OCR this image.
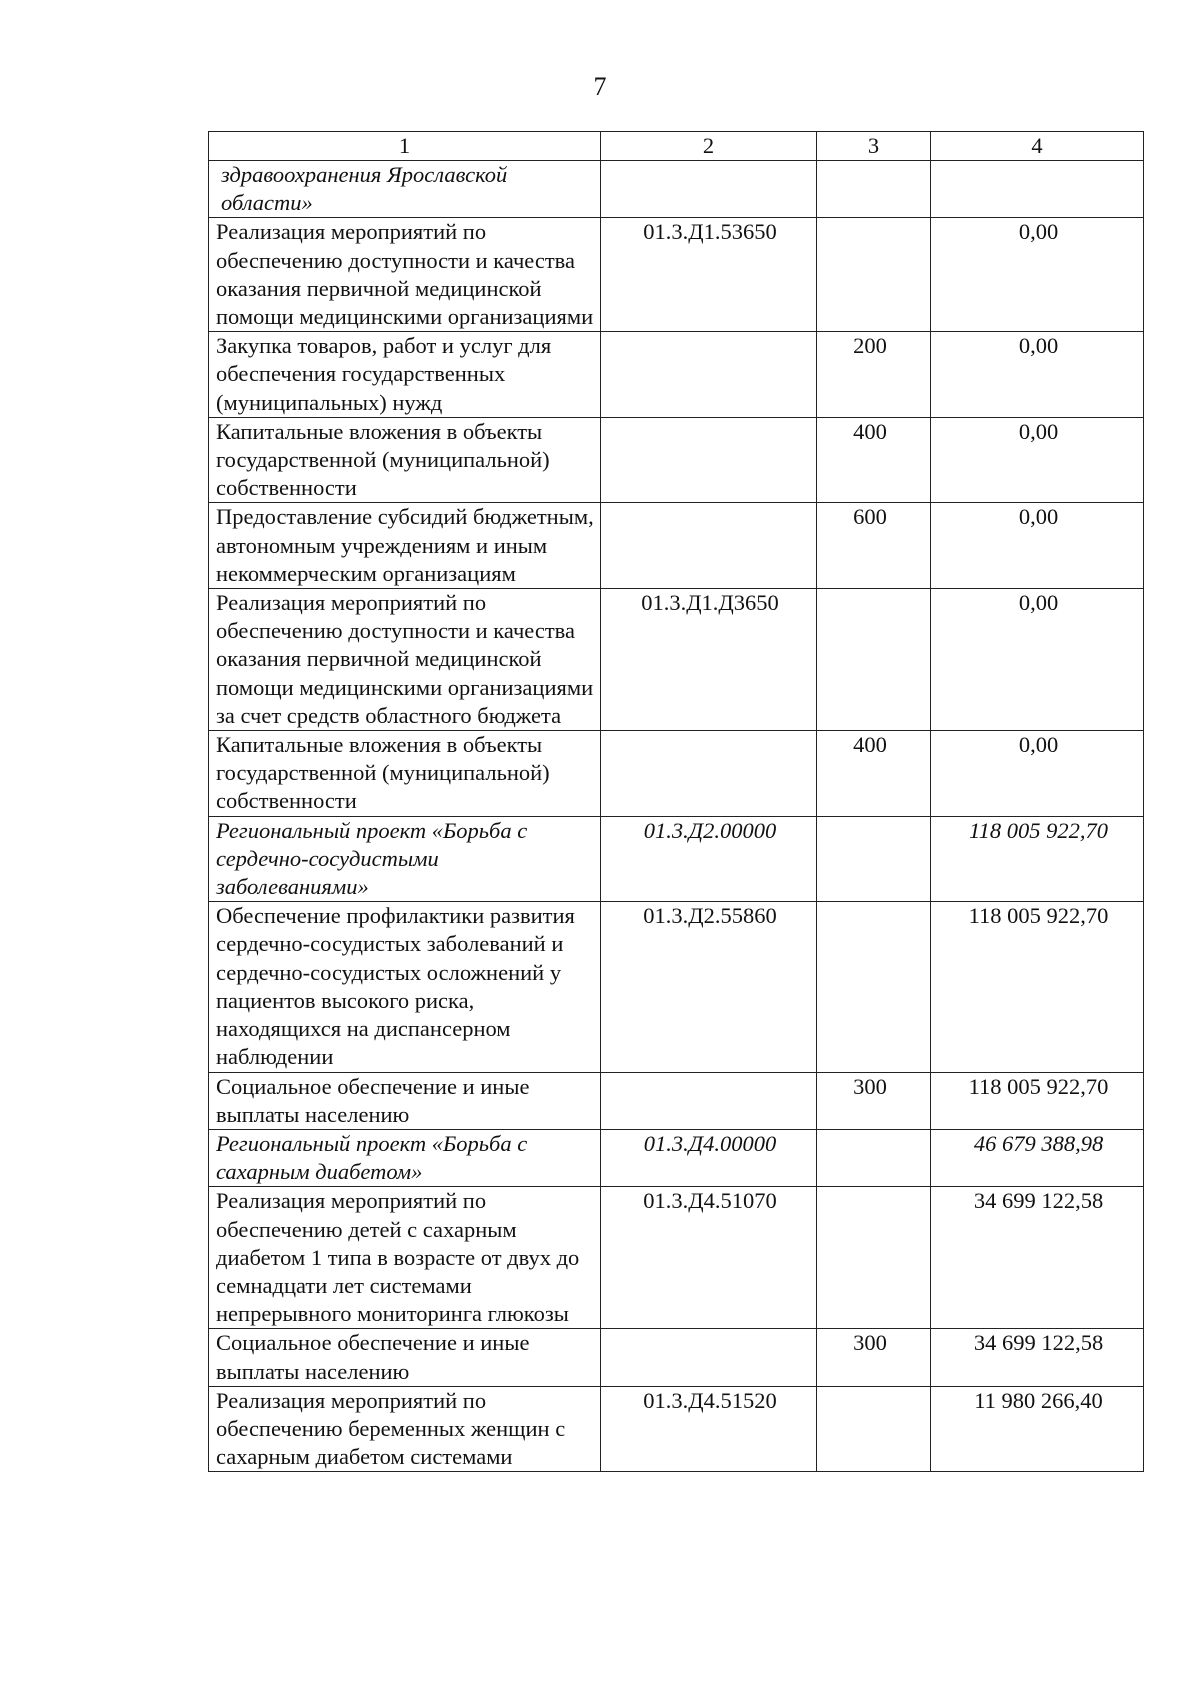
7
1	2	3	4
здравоохранения Ярославской области»			
Реализация мероприятий по обеспечению доступности и качества оказания первичной медицинской помощи медицинскими организациями	01.3.Д1.53650		0,00
Закупка товаров, работ и услуг для обеспечения государственных (муниципальных) нужд		200	0,00
Капитальные вложения в объекты государственной (муниципальной) собственности		400	0,00
Предоставление субсидий бюджетным, автономным учреждениям и иным некоммерческим организациям		600	0,00
Реализация мероприятий по обеспечению доступности и качества оказания первичной медицинской помощи медицинскими организациями за счет средств областного бюджета	01.3.Д1.Д3650		0,00
Капитальные вложения в объекты государственной (муниципальной) собственности		400	0,00
Региональный проект «Борьба с сердечно-сосудистыми заболеваниями»	01.3.Д2.00000		118 005 922,70
Обеспечение профилактики развития сердечно-сосудистых заболеваний и сердечно-сосудистых осложнений у пациентов высокого риска, находящихся на диспансерном наблюдении	01.3.Д2.55860		118 005 922,70
Социальное обеспечение и иные выплаты населению		300	118 005 922,70
Региональный проект «Борьба с сахарным диабетом»	01.3.Д4.00000		46 679 388,98
Реализация мероприятий по обеспечению детей с сахарным диабетом 1 типа в возрасте от двух до семнадцати лет системами непрерывного мониторинга глюкозы	01.3.Д4.51070		34 699 122,58
Социальное обеспечение и иные выплаты населению		300	34 699 122,58
Реализация мероприятий по обеспечению беременных женщин с сахарным диабетом системами	01.3.Д4.51520		11 980 266,40
